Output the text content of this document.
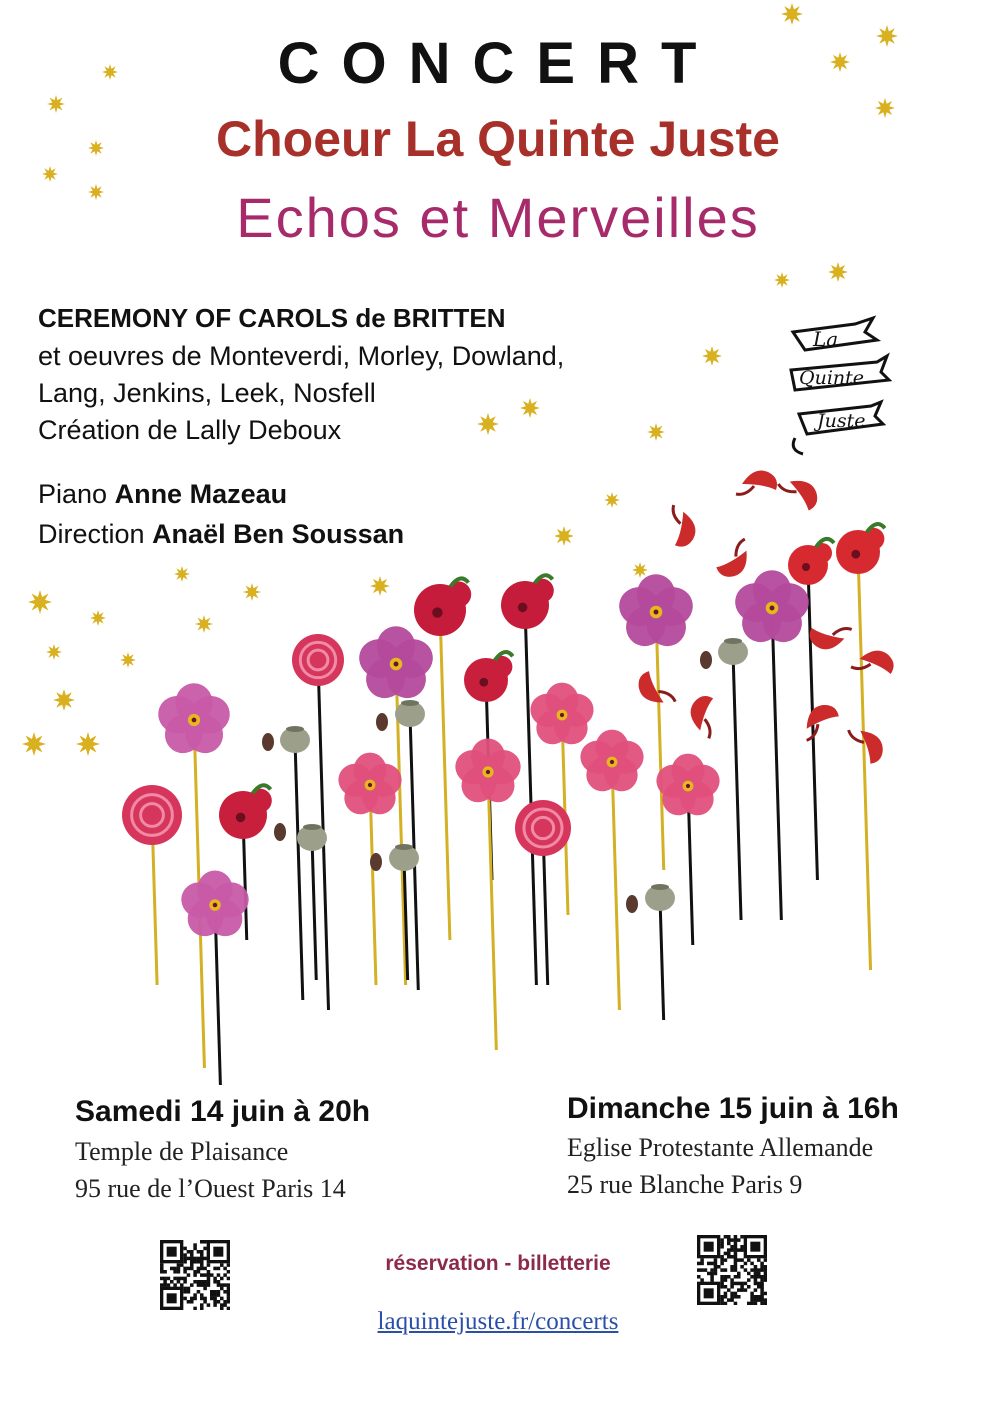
CONCERT
Choeur La Quinte Juste
Echos et Merveilles
CEREMONY OF CAROLS de BRITTEN
et oeuvres de Monteverdi, Morley, Dowland,
Lang, Jenkins, Leek, Nosfell
Création de Lally Deboux
Piano Anne Mazeau
Direction Anaël Ben Soussan
La
Quinte
Juste
Samedi 14 juin à 20h
Temple de Plaisance
95 rue de l’Ouest Paris 14
Dimanche 15 juin à 16h
Eglise Protestante Allemande
25 rue Blanche Paris 9
réservation - billetterie
laquintejuste.fr/concerts
